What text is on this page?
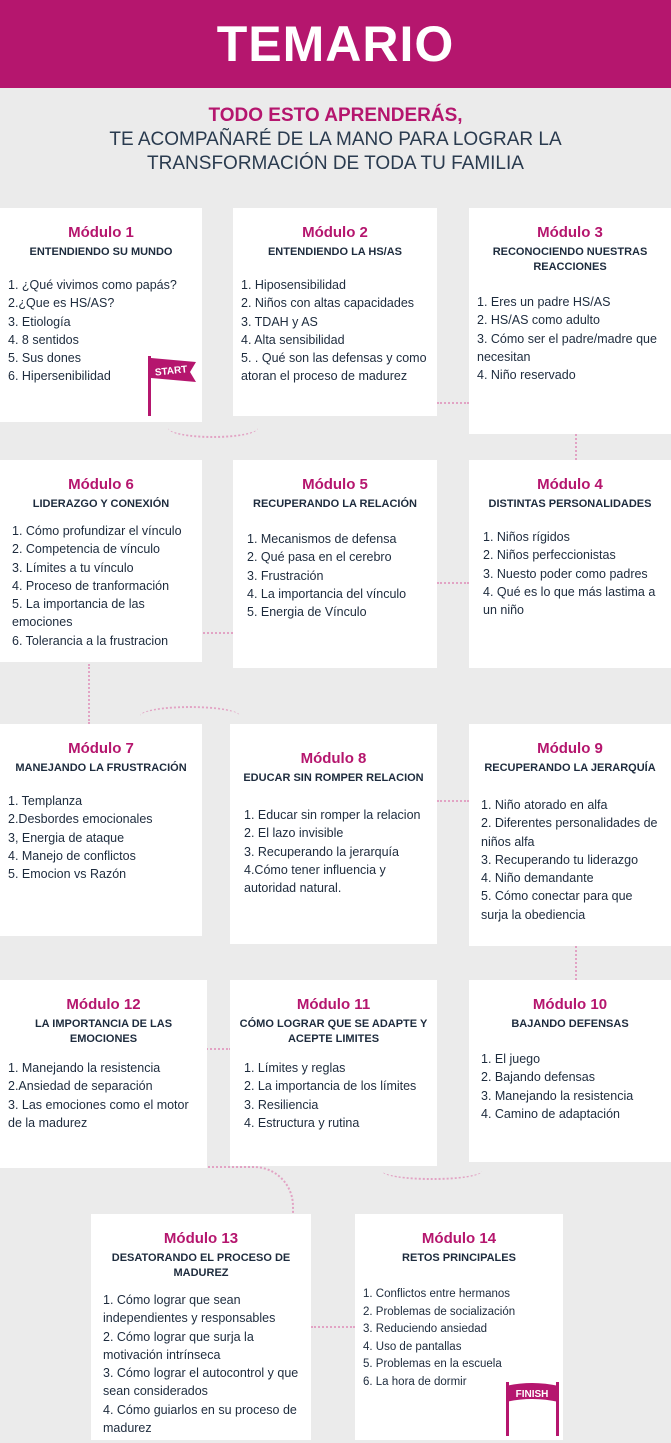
TEMARIO
TODO ESTO APRENDERÁS,
TE ACOMPAÑARÉ DE LA MANO PARA LOGRAR LA
TRANSFORMACIÓN DE TODA TU FAMILIA
Módulo 1
ENTENDIENDO SU MUNDO
1. ¿Qué vivimos como papás?
2.¿Que es HS/AS?
3. Etiología
4. 8 sentidos
5. Sus dones
6. Hipersenibilidad
Módulo 2
ENTENDIENDO LA HS/AS
1. Hiposensibilidad
2. Niños con altas capacidades
3. TDAH y AS
4. Alta sensibilidad
5. . Qué son las defensas y como atoran el proceso de madurez
Módulo 3
RECONOCIENDO NUESTRAS REACCIONES
1. Eres un padre HS/AS
2. HS/AS como adulto
3. Cómo ser el padre/madre que necesitan
4. Niño reservado
Módulo 6
LIDERAZGO Y CONEXIÓN
1. Cómo profundizar el vínculo
2. Competencia de vínculo
3. Límites a tu vínculo
4. Proceso de tranformación
5. La importancia de las emociones
6. Tolerancia a la frustracion
Módulo 5
RECUPERANDO LA RELACIÓN
1. Mecanismos de defensa
2. Qué pasa en el cerebro
3. Frustración
4. La importancia del vínculo
5. Energia de Vínculo
Módulo 4
DISTINTAS PERSONALIDADES
1. Niños rígidos
2. Niños perfeccionistas
3. Nuesto poder como padres
4. Qué es lo que más lastima a un niño
Módulo 7
MANEJANDO LA FRUSTRACIÓN
1. Templanza
2.Desbordes emocionales
3, Energia de ataque
4. Manejo de conflictos
5. Emocion vs Razón
Módulo 8
EDUCAR SIN ROMPER RELACION
1. Educar sin romper la relacion
2. El lazo invisible
3. Recuperando la jerarquía
4.Cómo tener influencia y autoridad natural.
Módulo 9
RECUPERANDO LA JERARQUÍA
1. Niño atorado en alfa
2. Diferentes personalidades de niños alfa
3. Recuperando tu liderazgo
4. Niño demandante
5. Cómo conectar para que surja la obediencia
Módulo 12
LA IMPORTANCIA DE LAS EMOCIONES
1. Manejando la resistencia
2.Ansiedad de separación
3. Las emociones como el motor de la madurez
Módulo 11
CÓMO LOGRAR QUE SE ADAPTE Y ACEPTE LIMITES
1. Límites y reglas
2. La importancia de los límites
3. Resiliencia
4. Estructura y rutina
Módulo 10
BAJANDO DEFENSAS
1. El juego
2. Bajando defensas
3. Manejando la resistencia
4. Camino de adaptación
Módulo 13
DESATORANDO EL PROCESO DE MADUREZ
1. Cómo lograr que sean independientes y responsables
2. Cómo lograr que surja la motivación intrínseca
3. Cómo lograr el autocontrol y que sean considerados
4. Cómo guiarlos en su proceso de madurez
Módulo 14
RETOS PRINCIPALES
1. Conflictos entre hermanos
2. Problemas de socialización
3. Reduciendo ansiedad
4. Uso de pantallas
5. Problemas en la escuela
6. La hora de dormir
START
FINISH
